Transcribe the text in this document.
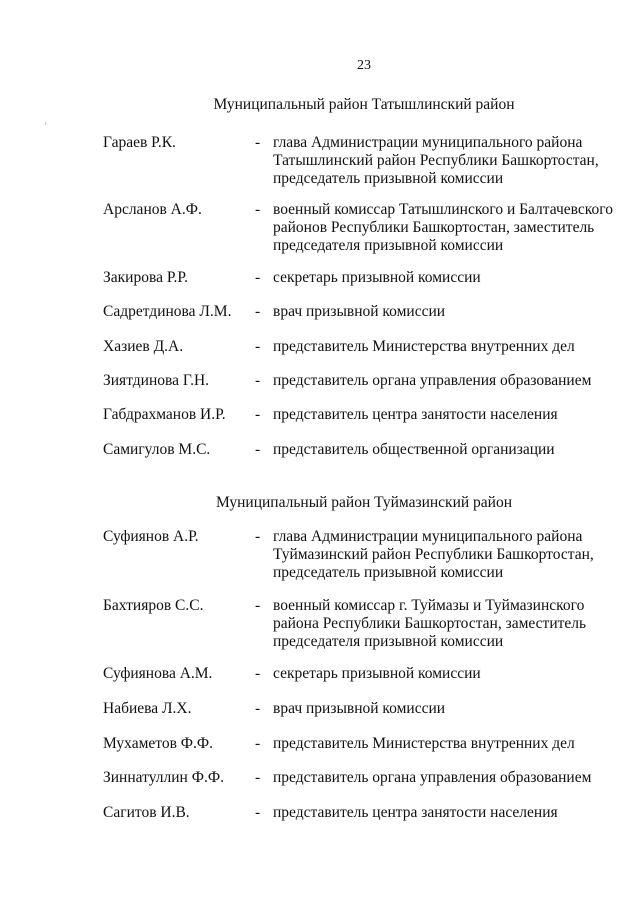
23
Муниципальный район Татышлинский район
Гараев Р.К.	- глава Администрации муниципального района
Татышлинский район Республики Башкортостан,
председатель призывной комиссии
Арсланов А.Ф.	- военный комиссар Татышлинского и Балтачевского
районов Республики Башкортостан, заместитель
председателя призывной комиссии
Закирова Р.Р.	- секретарь призывной комиссии
Садретдинова Л.М. - врач призывной комиссии
Хазиев Д.А.	- представитель Министерства внутренних дел
Зиятдинова Г.Н.	- представитель органа управления образованием
Габдрахманов И.Р. - представитель центра занятости населения
Самигулов М.С.	- представитель общественной организации
Муниципальный район Туймазинский район
Суфиянов А.Р.	- глава Администрации муниципального района
Туймазинский район Республики Башкортостан,
председатель призывной комиссии
Бахтияров С.С.	- военный комиссар г. Туймазы и Туймазинского
района Республики Башкортостан, заместитель
председателя призывной комиссии
Суфиянова А.М.	- секретарь призывной комиссии
Набиева Л.Х.	- врач призывной комиссии
Мухаметов Ф.Ф.	- представитель Министерства внутренних дел
Зиннатуллин Ф.Ф. - представитель органа управления образованием
Сагитов И.В.	- представитель центра занятости населения
